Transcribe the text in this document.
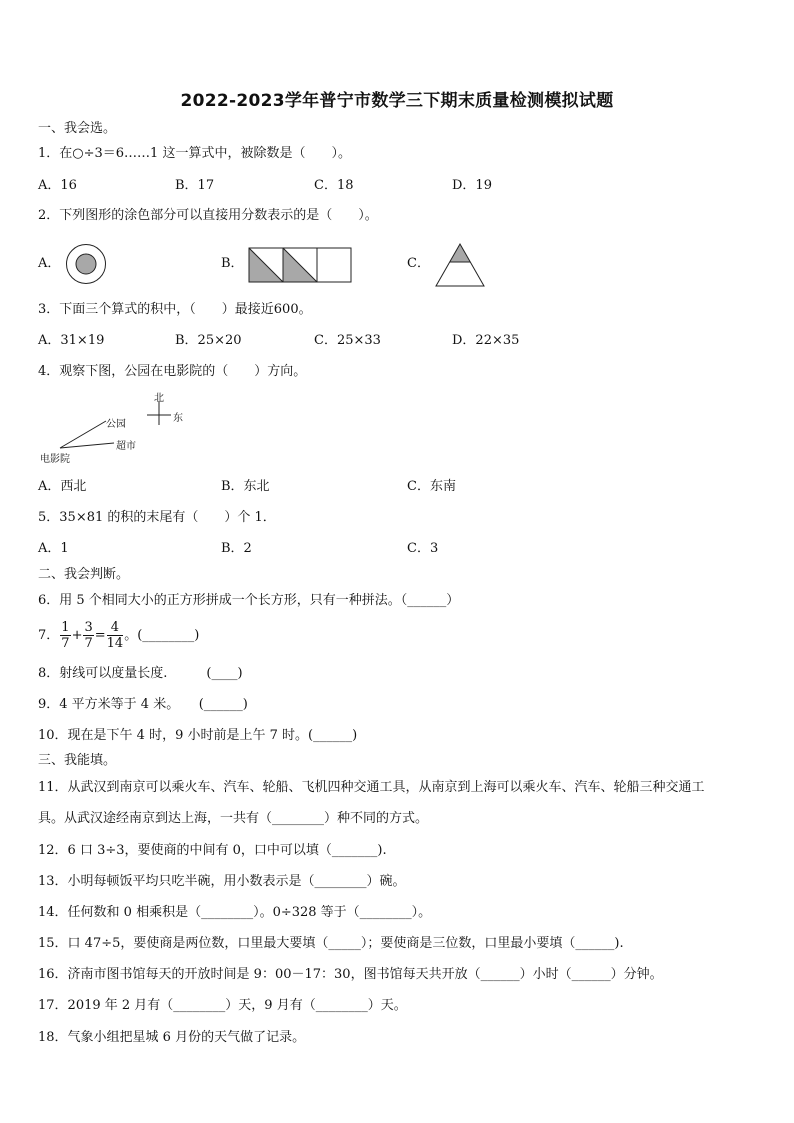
2022-2023学年普宁市数学三下期末质量检测模拟试题
一、我会选。
1．在○÷3＝6……1 这一算式中，被除数是（　　）。
A．16	B．17	C．18	D．19
2．下列图形的涂色部分可以直接用分数表示的是（　　）。
A．	B．	C．
3．下面三个算式的积中，（　　）最接近600。
A．31×19	B．25×20	C．25×33	D．22×35
4．观察下图，公园在电影院的（　　）方向。
北
东
公园
超市
电影院
A．西北	B．东北	C．东南
5．35×81 的积的末尾有（　　）个 1．
A．1	B．2	C．3
二、我会判断。
6．用 5 个相同大小的正方形拼成一个长方形，只有一种拼法。（______）
7． $\frac{1}{7} + \frac{3}{7} = \frac{4}{14}$ 。(________)
8．射线可以度量长度.　　　(____)
9．4 平方米等于 4 米。　　(______)
10．现在是下午 4 时，9 小时前是上午 7 时。(______)
三、我能填。
11．从武汉到南京可以乘火车、汽车、轮船、飞机四种交通工具，从南京到上海可以乘火车、汽车、轮船三种交通工
具。从武汉途经南京到达上海，一共有（________）种不同的方式。
12．6 口 3÷3，要使商的中间有 0，口中可以填（_______).
13．小明每顿饭平均只吃半碗，用小数表示是（________）碗。
14．任何数和 0 相乘积是（________）。0÷328 等于（________）。
15．口 47÷5，要使商是两位数，口里最大要填（_____）；要使商是三位数，口里最小要填（______).
16．济南市图书馆每天的开放时间是 9：00－17：30，图书馆每天共开放（______）小时（______）分钟。
17．2019 年 2 月有（________）天，9 月有（________）天。
18．气象小组把星城 6 月份的天气做了记录。
